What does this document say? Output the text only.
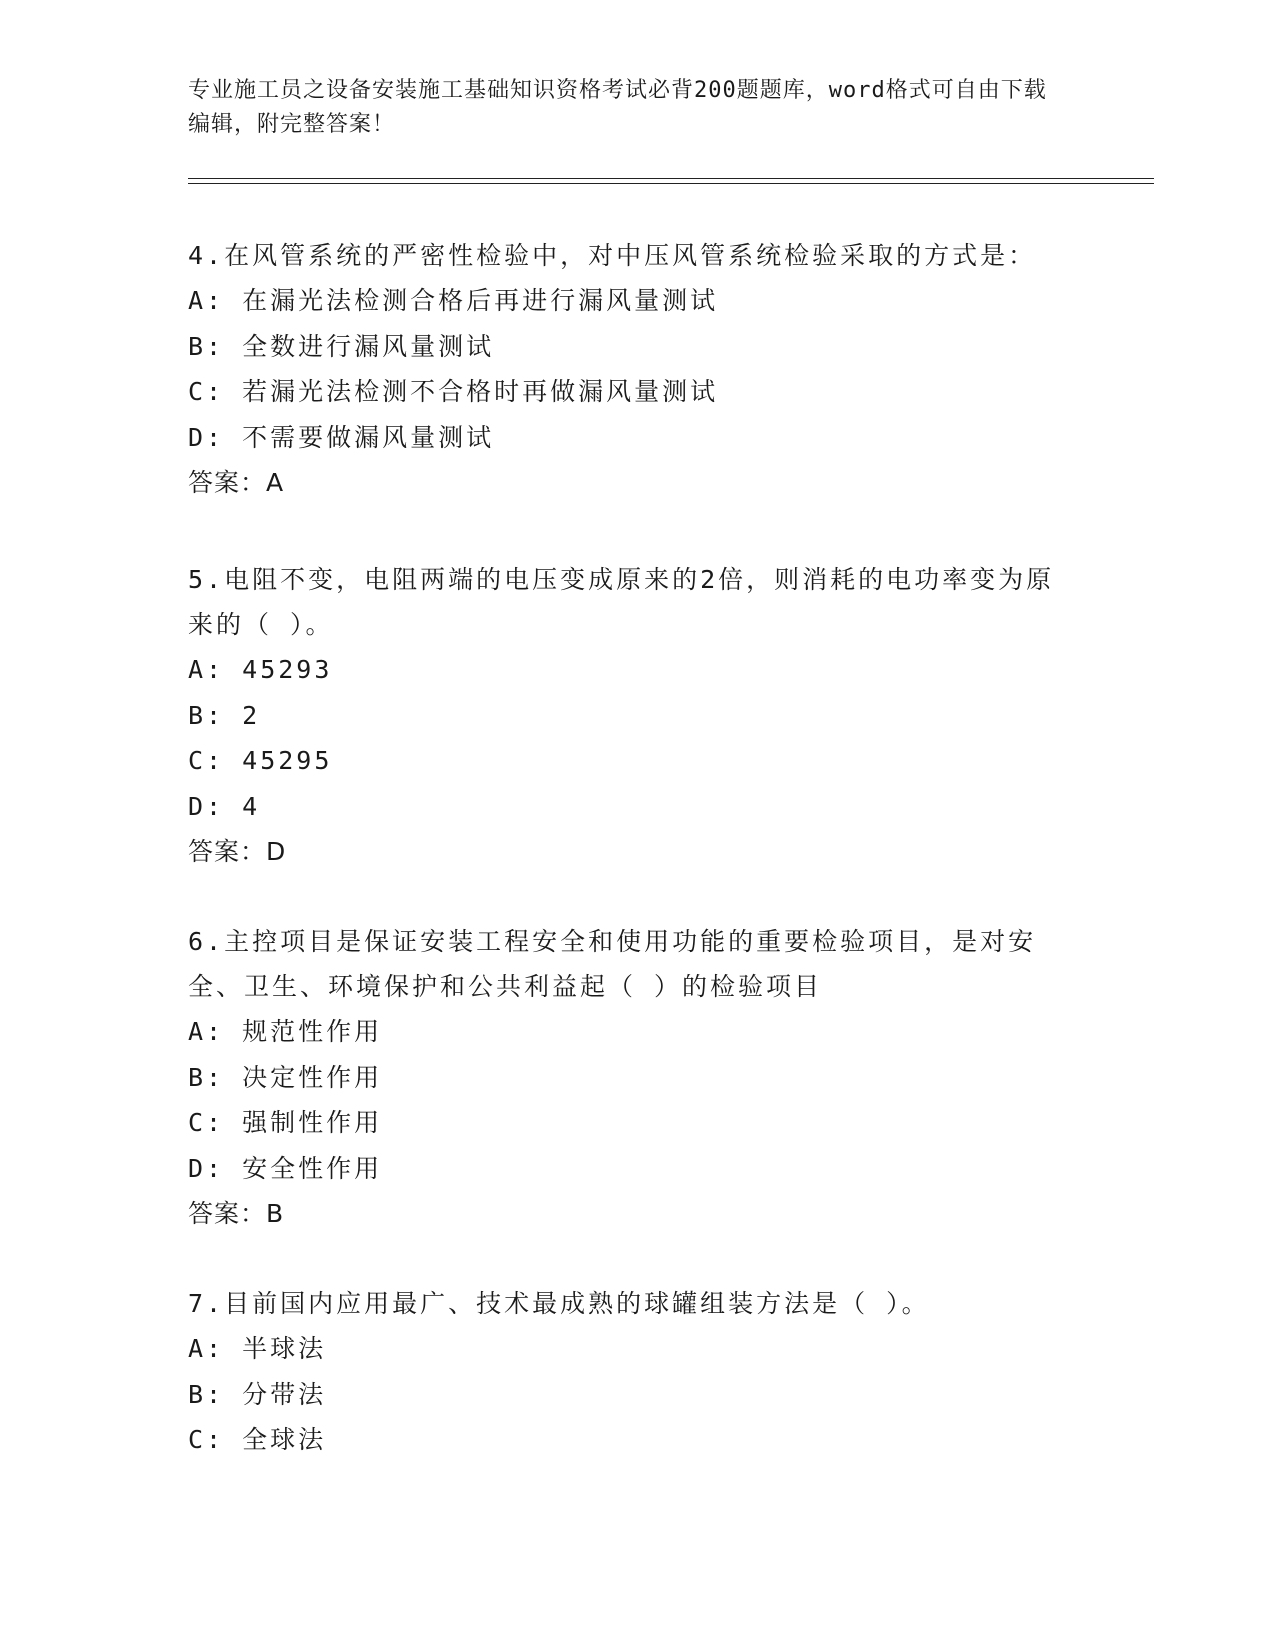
专业施工员之设备安装施工基础知识资格考试必背200题题库，word格式可自由下载编辑，附完整答案！

4.在风管系统的严密性检验中，对中压风管系统检验采取的方式是：

A: 在漏光法检测合格后再进行漏风量测试

B: 全数进行漏风量测试

C: 若漏光法检测不合格时再做漏风量测试

D: 不需要做漏风量测试

答案：A

5.电阻不变，电阻两端的电压变成原来的2倍，则消耗的电功率变为原来的（ ）。

A: 45293

B: 2

C: 45295

D: 4

答案：D

6.主控项目是保证安装工程安全和使用功能的重要检验项目，是对安全、卫生、环境保护和公共利益起（ ）的检验项目

A: 规范性作用

B: 决定性作用

C: 强制性作用

D: 安全性作用

答案：B

7.目前国内应用最广、技术最成熟的球罐组装方法是（ ）。

A: 半球法

B: 分带法

C: 全球法
